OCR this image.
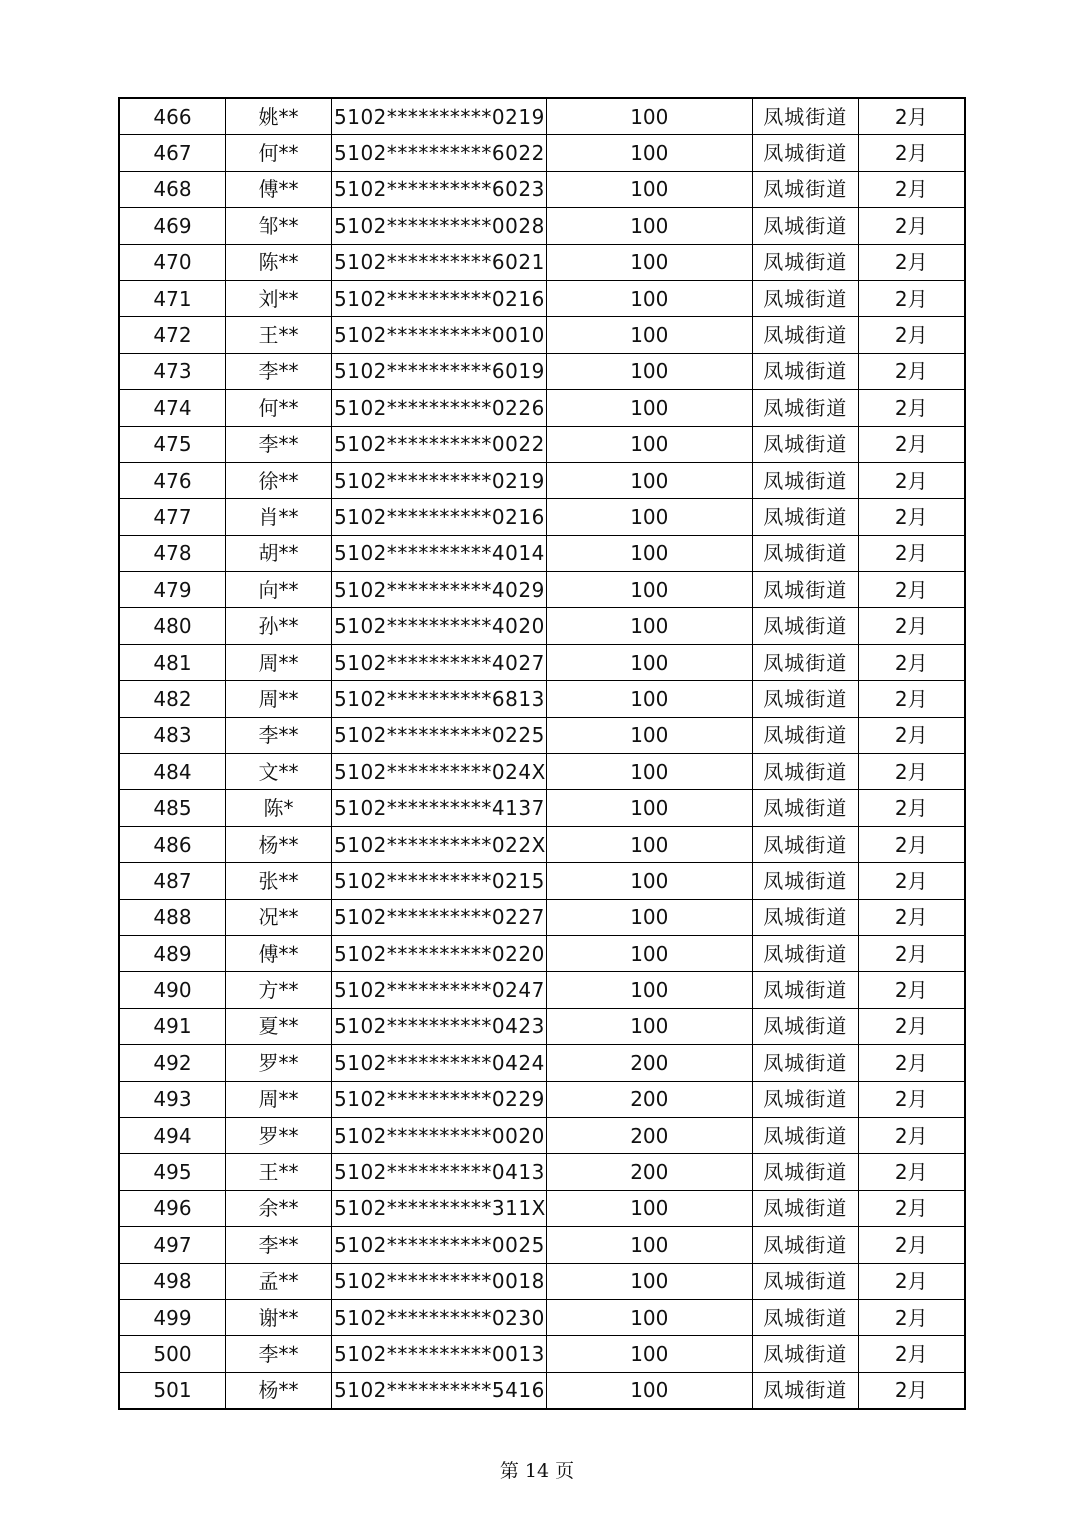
466	姚**	5102**********0219	100	凤城街道	2月
467	何**	5102**********6022	100	凤城街道	2月
468	傅**	5102**********6023	100	凤城街道	2月
469	邹**	5102**********0028	100	凤城街道	2月
470	陈**	5102**********6021	100	凤城街道	2月
471	刘**	5102**********0216	100	凤城街道	2月
472	王**	5102**********0010	100	凤城街道	2月
473	李**	5102**********6019	100	凤城街道	2月
474	何**	5102**********0226	100	凤城街道	2月
475	李**	5102**********0022	100	凤城街道	2月
476	徐**	5102**********0219	100	凤城街道	2月
477	肖**	5102**********0216	100	凤城街道	2月
478	胡**	5102**********4014	100	凤城街道	2月
479	向**	5102**********4029	100	凤城街道	2月
480	孙**	5102**********4020	100	凤城街道	2月
481	周**	5102**********4027	100	凤城街道	2月
482	周**	5102**********6813	100	凤城街道	2月
483	李**	5102**********0225	100	凤城街道	2月
484	文**	5102**********024X	100	凤城街道	2月
485	陈*	5102**********4137	100	凤城街道	2月
486	杨**	5102**********022X	100	凤城街道	2月
487	张**	5102**********0215	100	凤城街道	2月
488	况**	5102**********0227	100	凤城街道	2月
489	傅**	5102**********0220	100	凤城街道	2月
490	方**	5102**********0247	100	凤城街道	2月
491	夏**	5102**********0423	100	凤城街道	2月
492	罗**	5102**********0424	200	凤城街道	2月
493	周**	5102**********0229	200	凤城街道	2月
494	罗**	5102**********0020	200	凤城街道	2月
495	王**	5102**********0413	200	凤城街道	2月
496	余**	5102**********311X	100	凤城街道	2月
497	李**	5102**********0025	100	凤城街道	2月
498	孟**	5102**********0018	100	凤城街道	2月
499	谢**	5102**********0230	100	凤城街道	2月
500	李**	5102**********0013	100	凤城街道	2月
501	杨**	5102**********5416	100	凤城街道	2月
第 14 页
